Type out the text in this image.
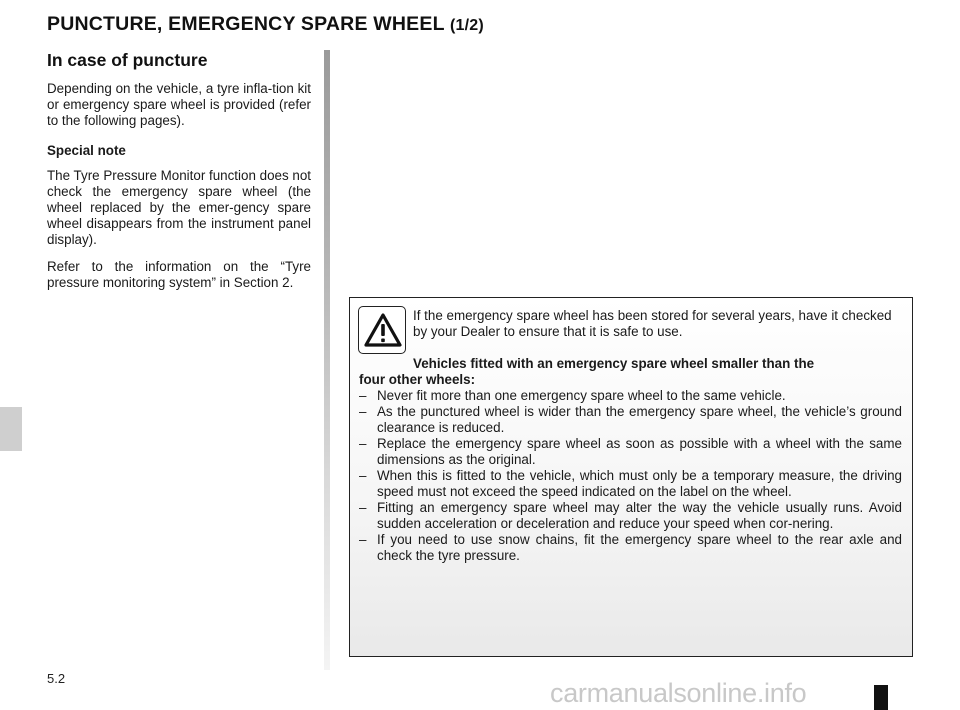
PUNCTURE, EMERGENCY SPARE WHEEL (1/2)
In case of puncture

Depending on the vehicle, a tyre infla-tion kit or emergency spare wheel is provided (refer to the following pages).

Special note

The Tyre Pressure Monitor function does not check the emergency spare wheel (the wheel replaced by the emer-gency spare wheel disappears from the instrument panel display).

Refer to the information on the “Tyre pressure monitoring system” in Section 2.

If the emergency spare wheel has been stored for several years, have it checked by your Dealer to ensure that it is safe to use.

Vehicles fitted with an emergency spare wheel smaller than the

four other wheels:

– Never fit more than one emergency spare wheel to the same vehicle.
– As the punctured wheel is wider than the emergency spare wheel, the vehicle’s ground clearance is reduced.
– Replace the emergency spare wheel as soon as possible with a wheel with the same dimensions as the original.
– When this is fitted to the vehicle, which must only be a temporary measure, the driving speed must not exceed the speed indicated on the label on the wheel.
– Fitting an emergency spare wheel may alter the way the vehicle usually runs. Avoid sudden acceleration or deceleration and reduce your speed when cor-nering.
– If you need to use snow chains, fit the emergency spare wheel to the rear axle and check the tyre pressure.
5.2	carmanualsonline.info
